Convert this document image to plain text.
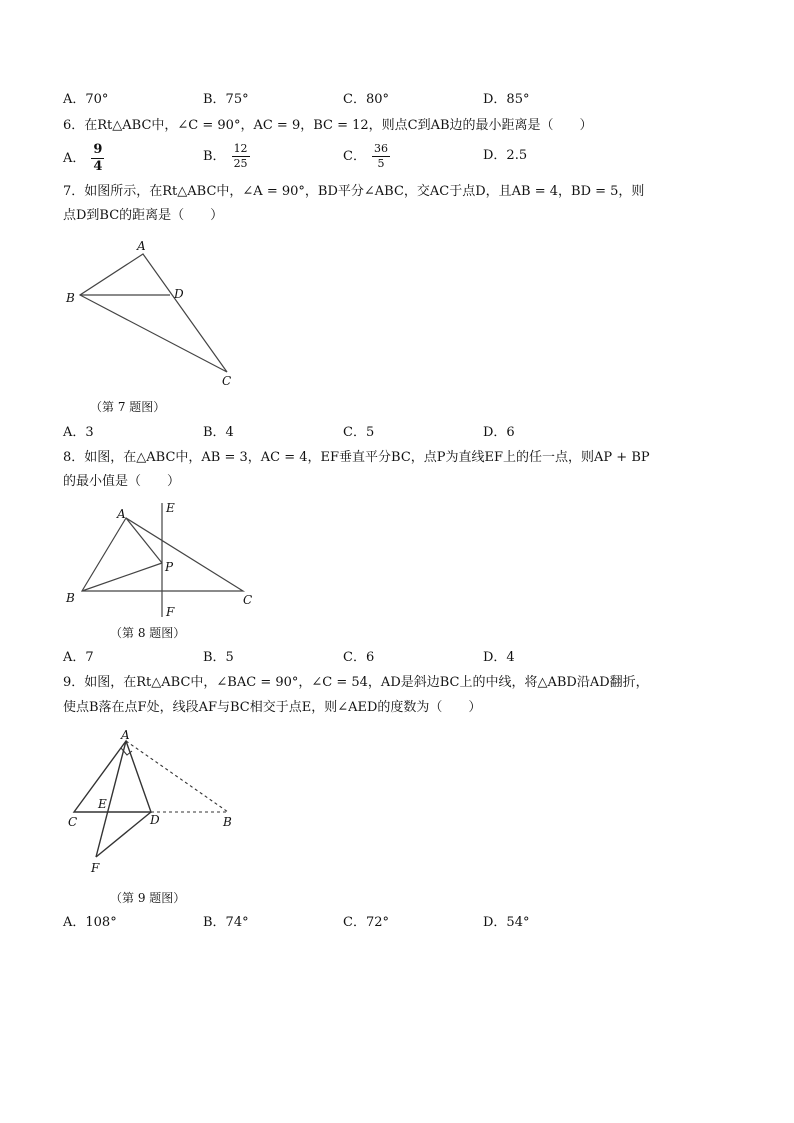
A．70°	B．75°	C．80°	D．85°
6．在Rt△ABC中，∠C = 90°，AC = 9，BC = 12，则点C到AB边的最小距离是（　　）
A． $\frac{9}{4}$	B． $\frac{12}{25}$	C． $\frac{36}{5}$	D．2.5
7．如图所示，在Rt△ABC中，∠A = 90°，BD平分∠ABC，交AC于点D，且AB = 4，BD = 5，则
点D到BC的距离是（　　）
A
B	D
C
（第 7 题图）
A．3	B．4	C．5	D．6
8．如图，在△ABC中，AB = 3，AC = 4，EF垂直平分BC，点P为直线EF上的任一点，则AP + BP
的最小值是（　　）
A	E
P
B	C
F
（第 8 题图）
A．7	B．5	C．6	D．4
9．如图，在Rt△ABC中，∠BAC = 90°，∠C = 54，AD是斜边BC上的中线，将△ABD沿AD翻折，
使点B落在点F处，线段AF与BC相交于点E，则∠AED的度数为（　　）
A
E
C	D	B
F
（第 9 题图）
A．108°	B．74°	C．72°	D．54°
